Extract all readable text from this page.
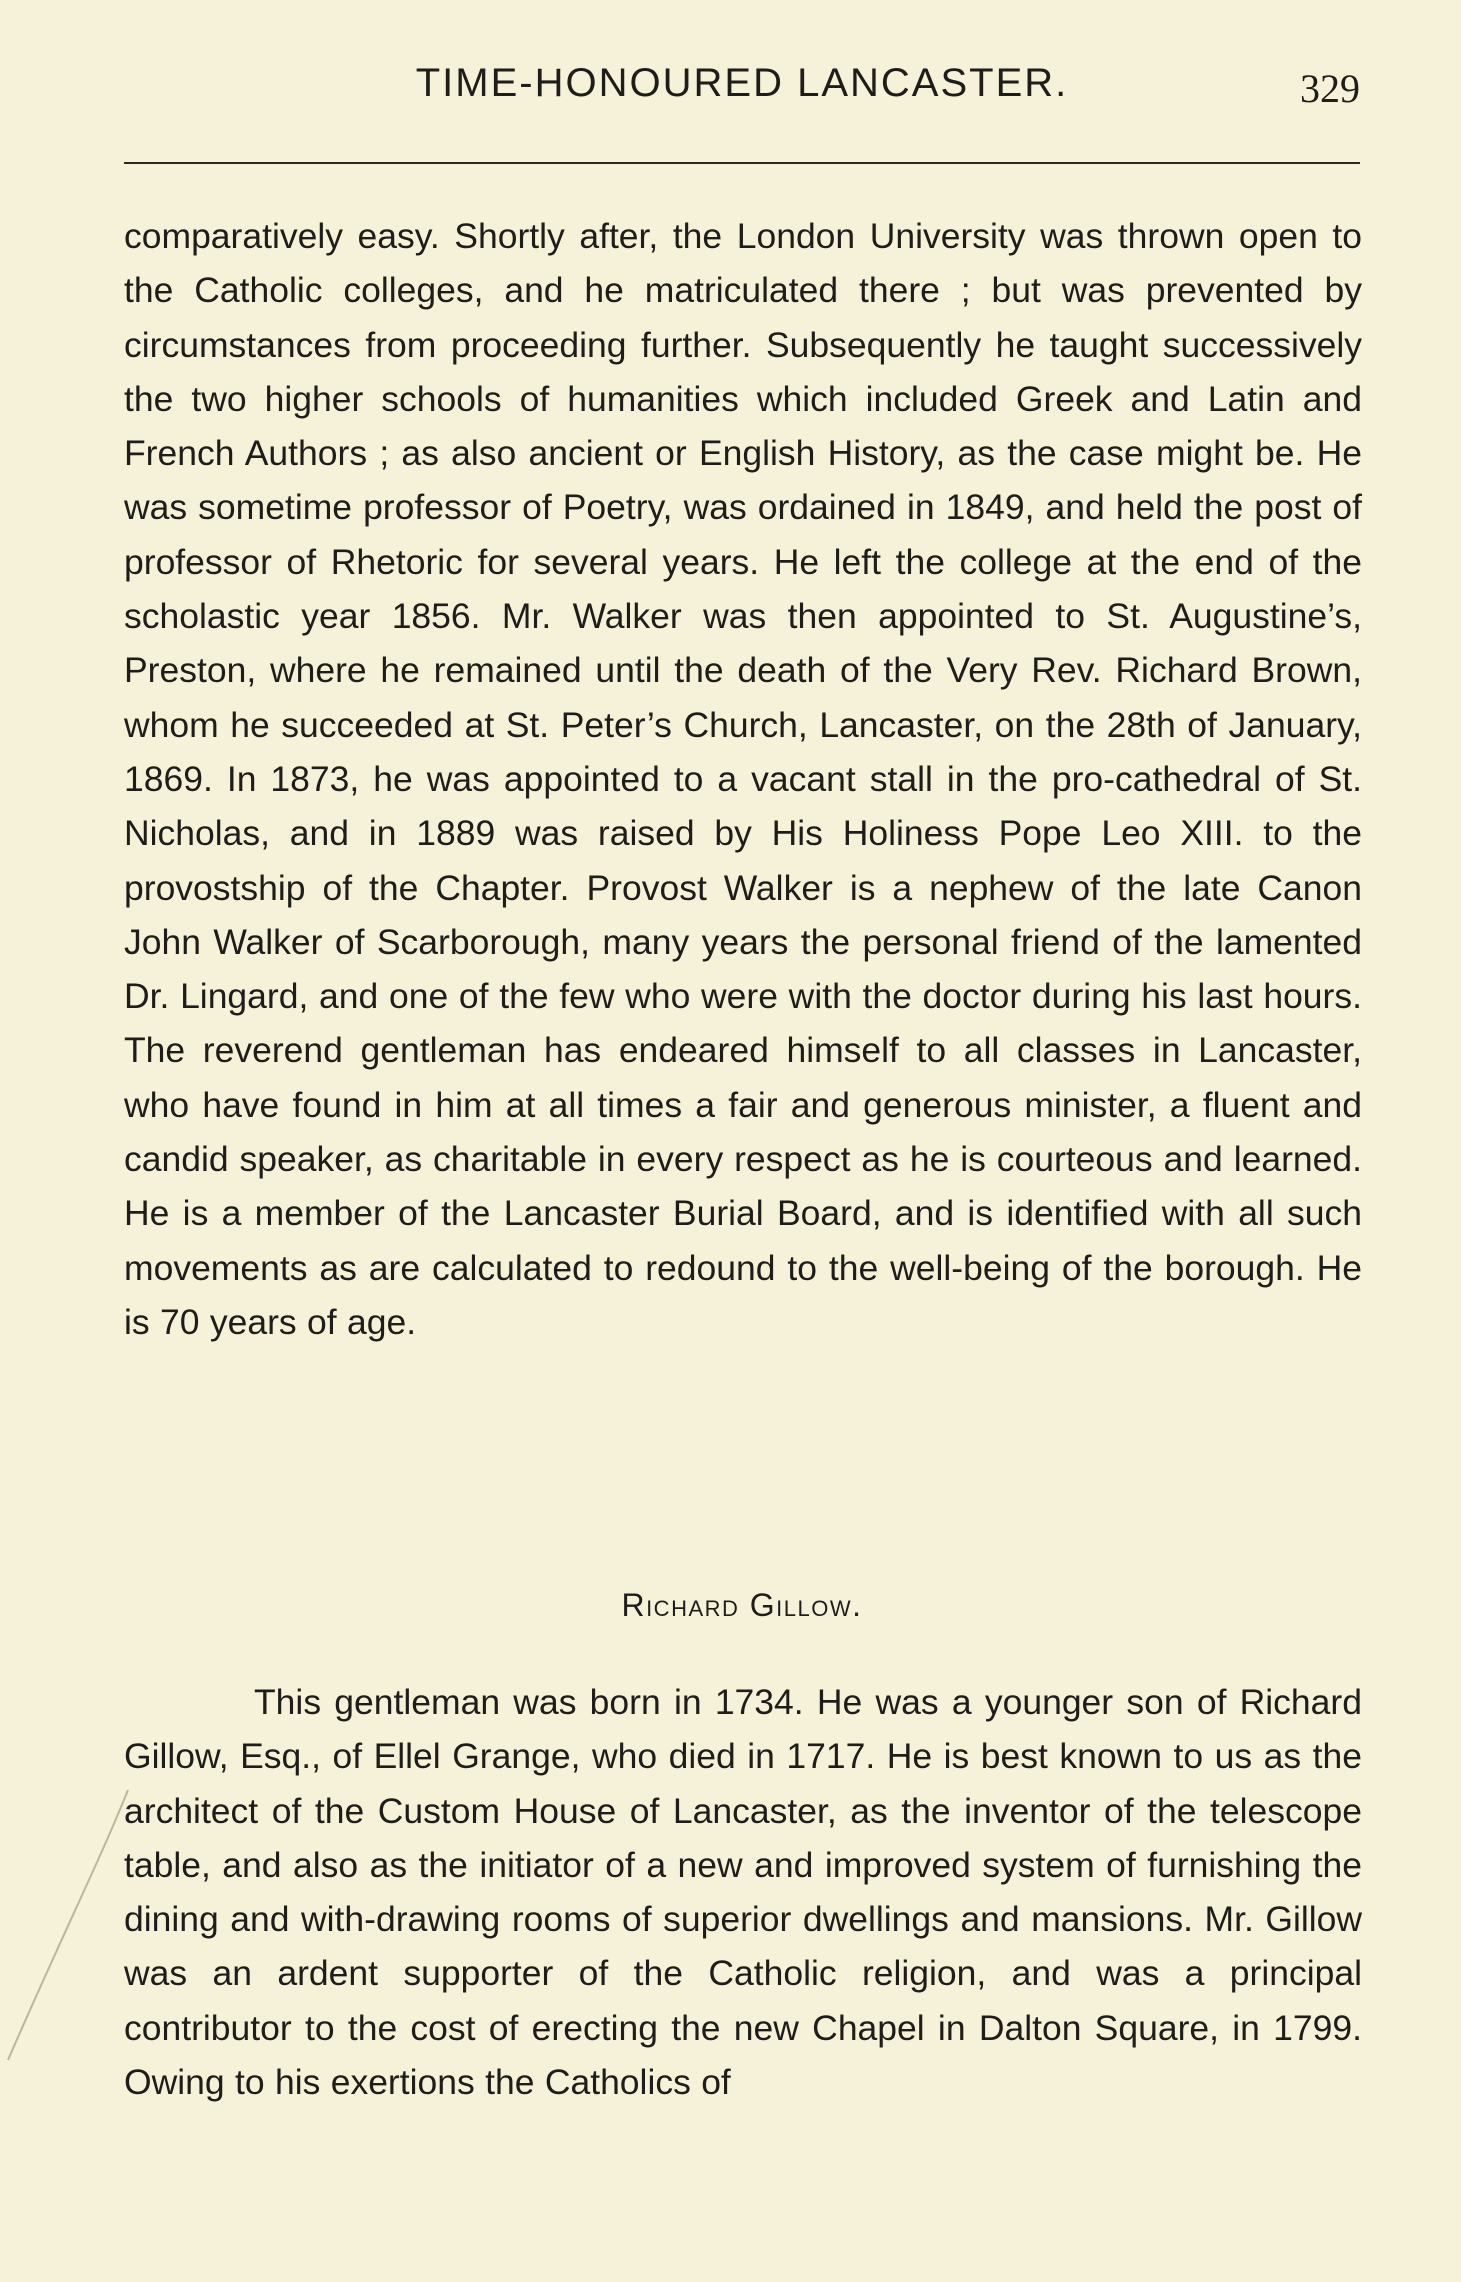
TIME-HONOURED LANCASTER.	329

comparatively easy. Shortly after, the London University was thrown open to the Catholic colleges, and he matriculated there ; but was prevented by circumstances from proceeding further. Subsequently he taught successively the two higher schools of humanities which included Greek and Latin and French Authors ; as also ancient or English History, as the case might be. He was sometime professor of Poetry, was ordained in 1849, and held the post of professor of Rhetoric for several years. He left the college at the end of the scholastic year 1856. Mr. Walker was then appointed to St. Augustine’s, Preston, where he remained until the death of the Very Rev. Richard Brown, whom he succeeded at St. Peter’s Church, Lancaster, on the 28th of January, 1869. In 1873, he was appointed to a vacant stall in the pro-cathedral of St. Nicholas, and in 1889 was raised by His Holiness Pope Leo XIII. to the provostship of the Chapter. Provost Walker is a nephew of the late Canon John Walker of Scarborough, many years the personal friend of the lamented Dr. Lingard, and one of the few who were with the doctor during his last hours. The reverend gentleman has endeared himself to all classes in Lancaster, who have found in him at all times a fair and generous minister, a fluent and candid speaker, as charitable in every respect as he is courteous and learned. He is a member of the Lancaster Burial Board, and is identified with all such movements as are calculated to redound to the well-being of the borough. He is 70 years of age.

Richard Gillow.

This gentleman was born in 1734. He was a younger son of Richard Gillow, Esq., of Ellel Grange, who died in 1717. He is best known to us as the architect of the Custom House of Lancaster, as the inventor of the telescope table, and also as the initiator of a new and improved system of furnishing the dining and with-drawing rooms of superior dwellings and mansions. Mr. Gillow was an ardent supporter of the Catholic religion, and was a principal contributor to the cost of erecting the new Chapel in Dalton Square, in 1799. Owing to his exertions the Catholics of
